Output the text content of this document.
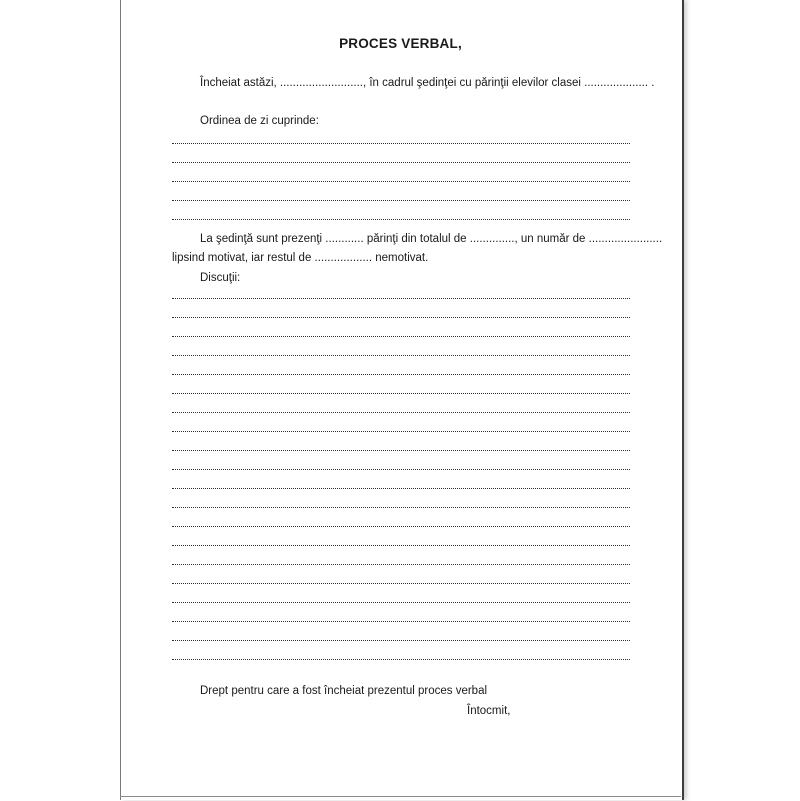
PROCES VERBAL,
Încheiat astăzi, .........................., în cadrul şedinţei cu părinţii elevilor clasei .................... .
Ordinea de zi cuprinde:
La şedinţă sunt prezenţi ............ părinţi din totalul de .............., un număr de .......................
lipsind motivat, iar restul de .................. nemotivat.
Discuţii:
Drept pentru care a fost încheiat prezentul proces verbal
Întocmit,
